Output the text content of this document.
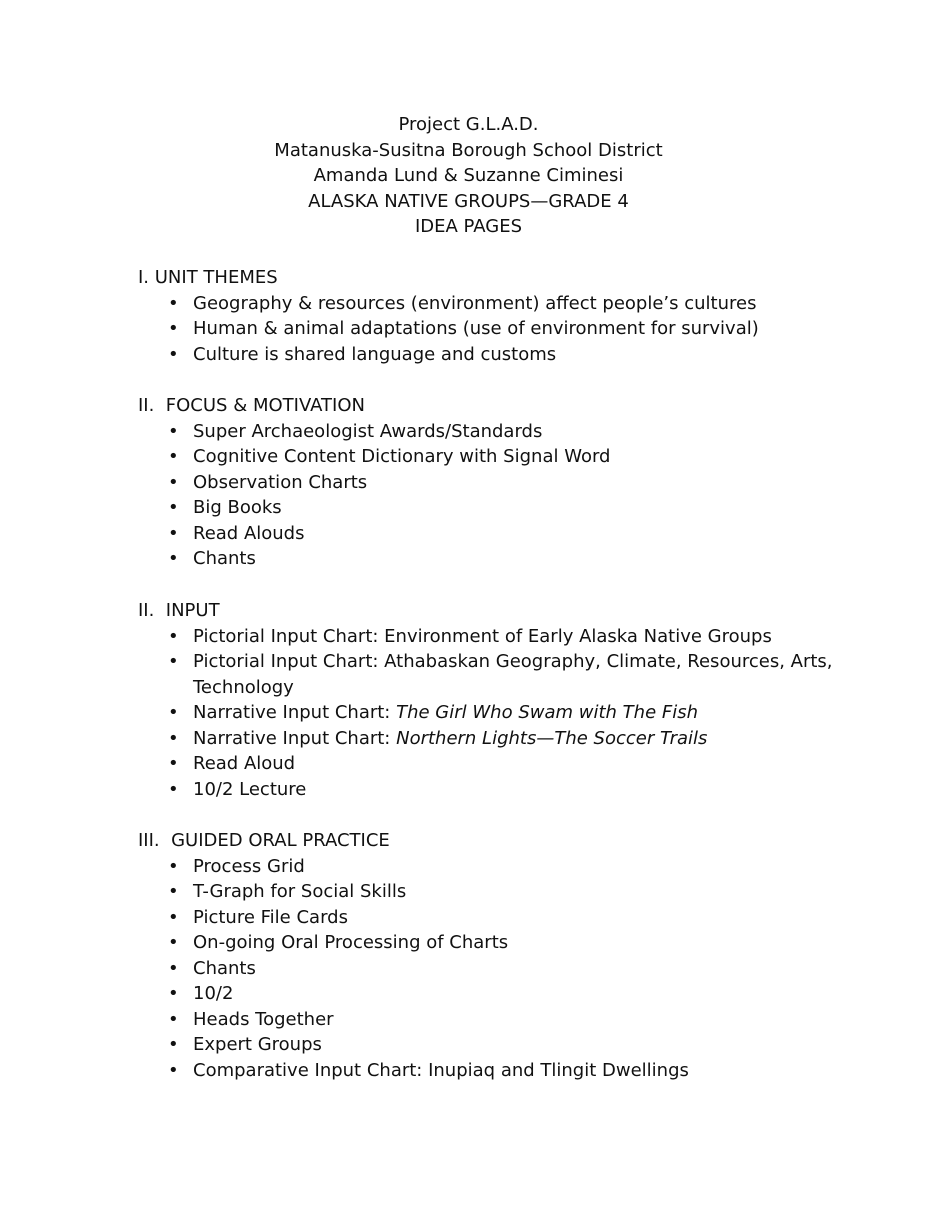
Project G.L.A.D.
Matanuska-Susitna Borough School District
Amanda Lund & Suzanne Ciminesi
ALASKA NATIVE GROUPS—GRADE 4
IDEA PAGES
I. UNIT THEMES
• Geography & resources (environment) affect people’s cultures
• Human & animal adaptations (use of environment for survival)
• Culture is shared language and customs
II.  FOCUS & MOTIVATION
• Super Archaeologist Awards/Standards
• Cognitive Content Dictionary with Signal Word
• Observation Charts
• Big Books
• Read Alouds
• Chants
II.  INPUT
• Pictorial Input Chart: Environment of Early Alaska Native Groups
• Pictorial Input Chart: Athabaskan Geography, Climate, Resources, Arts, Technology
• Narrative Input Chart: The Girl Who Swam with The Fish
• Narrative Input Chart: Northern Lights—The Soccer Trails
• Read Aloud
• 10/2 Lecture
III.  GUIDED ORAL PRACTICE
• Process Grid
• T-Graph for Social Skills
• Picture File Cards
• On-going Oral Processing of Charts
• Chants
• 10/2
• Heads Together
• Expert Groups
• Comparative Input Chart: Inupiaq and Tlingit Dwellings
